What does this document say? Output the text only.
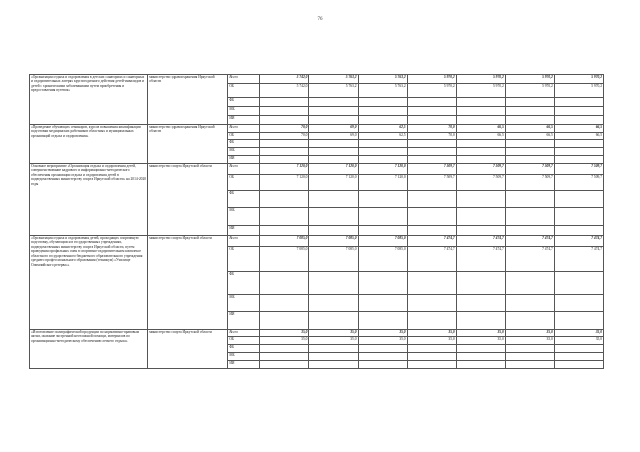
76
«Организация отдыха и оздоровления в детских санаториях и санаторных и оздоровительных лагерях круглогодичного действия детей-инвалидов и детей с хроническими заболеваниями путем приобретения и предоставления путевок»	министерство здравоохранения Иркутской области	Всего	5 742,0	5 763,2	5 763,2	5 970,2	5 970,2	5 970,2	5 970,2
		ОБ	5 742,0	5 763,2	5 763,2	5 970,2	5 970,2	5 970,2	5 970,2
		ФБ							
		МБ							
		ИИ							
«Проведение обучающих семинаров, курсов повышения квалификации подготовки медицинских работников областных и муниципальных организаций отдыха и оздоровления»	министерство здравоохранения Иркутской области	Всего	70,0	69,0	62,5	70,0	66,5	66,5	66,5
		ОБ	70,0	69,0	62,5	70,0	66,5	66,5	66,5
		ФБ							
		МБ							
		ИИ							
Основное мероприятие «Организация отдыха и оздоровления детей, совершенствование кадрового и информационно-методического обеспечения организации отдыха и оздоровления детей в подведомственных министерству спорта Иркутской области» на 2014-2020 годы	министерство спорта Иркутской области	Всего	7 120,0	7 120,0	7 120,0	7 509,7	7 509,7	7 509,7	7 509,7
		ОБ	7 120,0	7 120,0	7 120,0	7 509,7	7 509,7	7 509,7	7 509,7
		ФБ							
		МБ							
		ИИ							
«Организация отдыха и оздоровления детей, проходящих спортивную подготовку, обучающихся в государственных учреждениях, подведомственных министерству спорта Иркутской области, путем проведения профильных смен в спортивно-оздоровительном комплексе областного государственного бюджетного образовательного учреждения среднего профессионального образования (техникум) «Училище Олимпийского резерва»»	министерство спорта Иркутской области	Всего	7 085,0	7 085,0	7 085,0	7 474,7	7 474,7	7 474,7	7 474,7
		ОБ	7 085,0	7 085,0	7 085,0	7 474,7	7 474,7	7 474,7	7 474,7
		ФБ							
		МБ							
		ИИ							
«Изготовление полиграфической продукции по нормативно-правовым актам, оказание экстренной неотложной помощи, материалов по организационно-методическому обеспечению летнего отдыха»	министерство спорта Иркутской области	Всего	35,0	35,0	35,0	35,0	35,0	35,0	35,0
		ОБ	35,0	35,0	35,0	35,0	35,0	35,0	35,0
		ФБ							
		МБ							
		ИИ							
